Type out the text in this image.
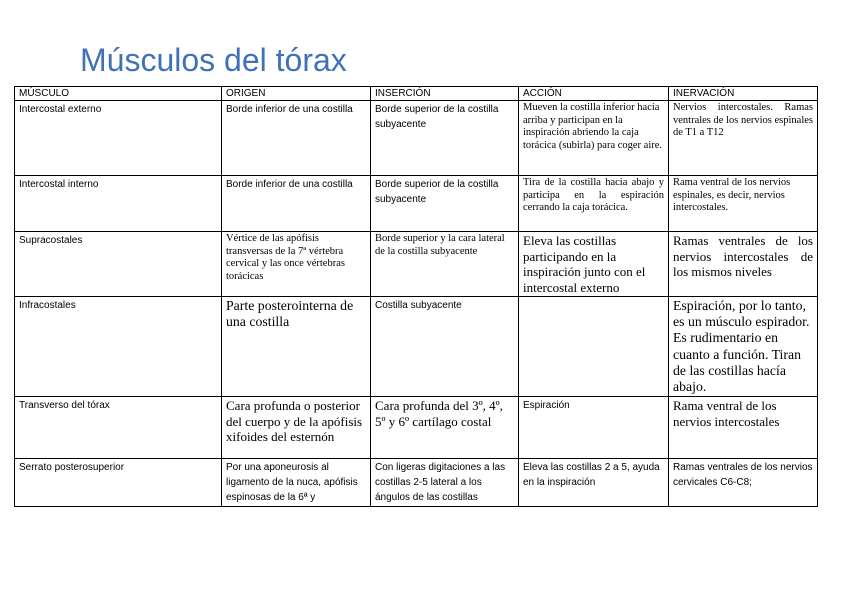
Músculos del tórax
MÚSCULO	ORIGEN	INSERCIÓN	ACCIÓN	INERVACIÓN
Intercostal externo	Borde inferior de una costilla	Borde superior de la costilla subyacente	Mueven la costilla inferior hacia arriba y participan en la inspiración abriendo la caja torácica (subirla) para coger aire.	Nervios intercostales. Ramas ventrales de los nervios espinales de T1 a T12
Intercostal interno	Borde inferior de una costilla	Borde superior de la costilla subyacente	Tira de la costilla hacia abajo y participa en la espiración cerrando la caja torácica.	Rama ventral de los nervios espinales, es decir, nervios intercostales.
Supracostales	Vértice de las apófisis transversas de la 7ª vértebra cervical y las once vértebras torácicas	Borde superior y la cara lateral de la costilla subyacente	Eleva las costillas participando en la inspiración junto con el intercostal externo	Ramas ventrales de los nervios intercostales de los mismos niveles
Infracostales	Parte posterointerna de una costilla	Costilla subyacente		Espiración, por lo tanto, es un músculo espirador. Es rudimentario en cuanto a función. Tiran de las costillas hacía abajo.
Transverso del tórax	Cara profunda o posterior del cuerpo y de la apófisis xifoides del esternón	Cara profunda del 3º, 4º, 5º y 6º cartílago costal	Espiración	Rama ventral de los nervios intercostales
Serrato posterosuperior	Por una aponeurosis al ligamento de la nuca, apófisis espinosas de la 6ª y	Con ligeras digitaciones a las costillas 2-5 lateral a los ángulos de las costillas	Eleva las costillas 2 a 5, ayuda en la inspiración	Ramas ventrales de los nervios cervicales C6-C8;
